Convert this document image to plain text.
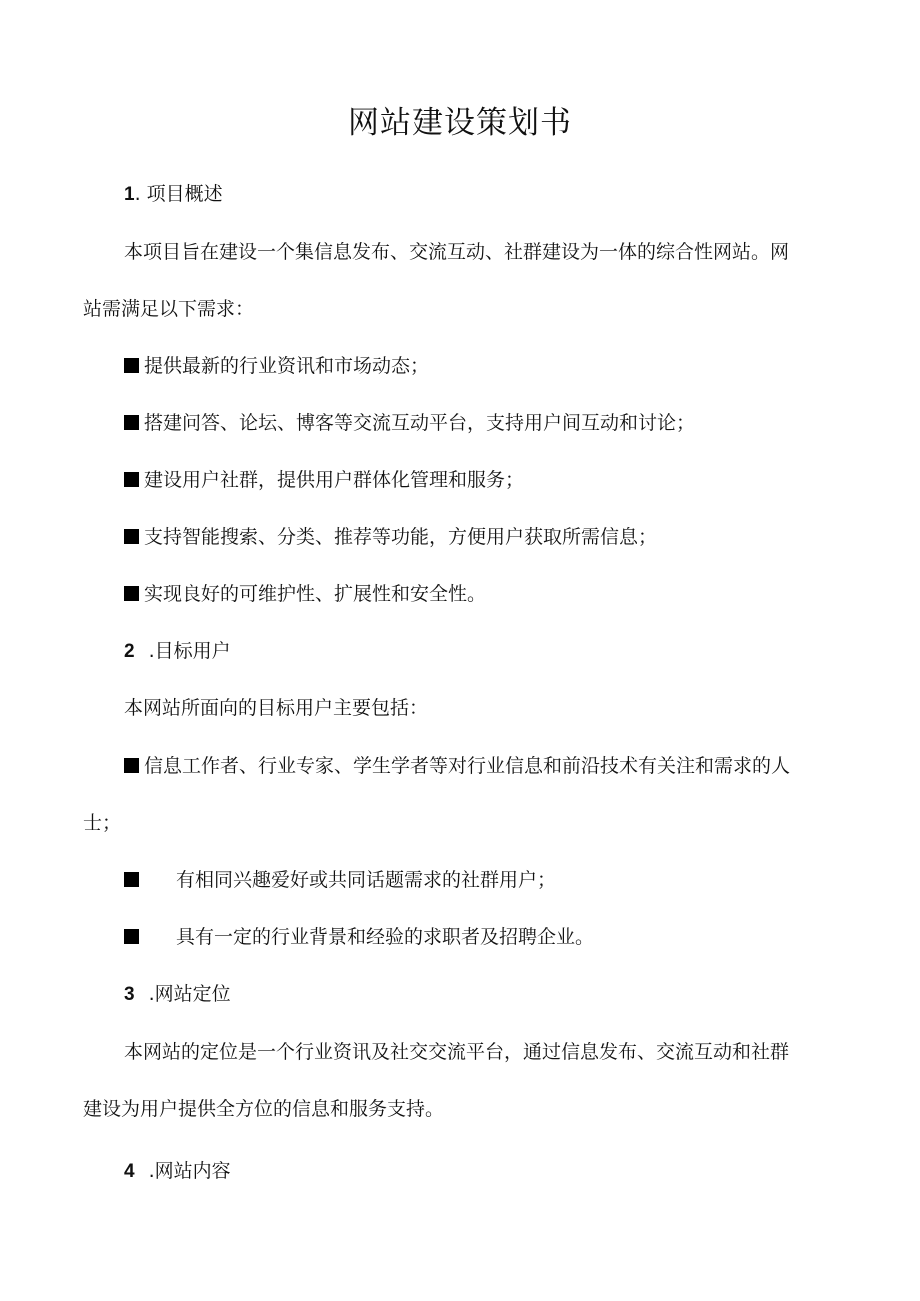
网站建设策划书
1. 项目概述
本项目旨在建设一个集信息发布、交流互动、社群建设为一体的综合性网站。网
站需满足以下需求：
提供最新的行业资讯和市场动态；
搭建问答、论坛、博客等交流互动平台，支持用户间互动和讨论；
建设用户社群，提供用户群体化管理和服务；
支持智能搜索、分类、推荐等功能，方便用户获取所需信息；
实现良好的可维护性、扩展性和安全性。
2 .目标用户
本网站所面向的目标用户主要包括：
信息工作者、行业专家、学生学者等对行业信息和前沿技术有关注和需求的人
士；
有相同兴趣爱好或共同话题需求的社群用户；
具有一定的行业背景和经验的求职者及招聘企业。
3 .网站定位
本网站的定位是一个行业资讯及社交交流平台，通过信息发布、交流互动和社群
建设为用户提供全方位的信息和服务支持。
4 .网站内容
